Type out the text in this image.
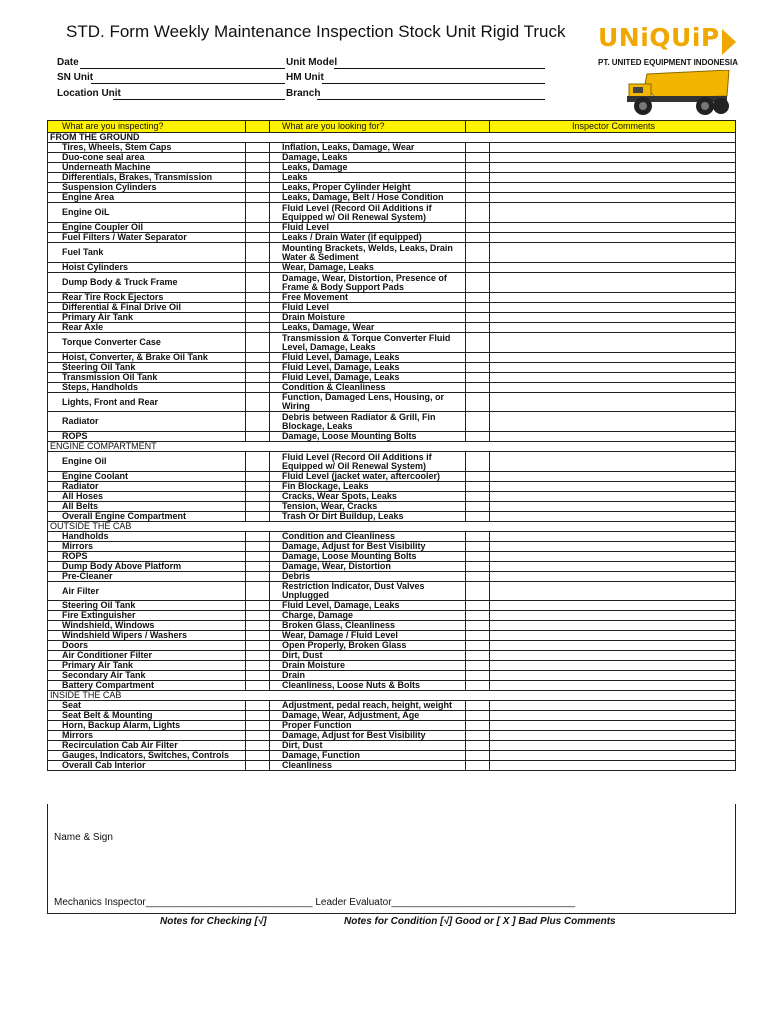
STD. Form Weekly Maintenance Inspection Stock Unit Rigid Truck UNiQUiP
PT. UNITED EQUIPMENT INDONESIA
Date
SN Unit
Location Unit
Unit Model
HM Unit
Branch
What are you inspecting?		What are you looking for?		Inspector Comments
FROM THE GROUND				
Tires, Wheels, Stem Caps		Inflation, Leaks, Damage, Wear		
Duo-cone seal area		Damage, Leaks		
Underneath Machine		Leaks, Damage		
Differentials, Brakes, Transmission		Leaks		
Suspension Cylinders		Leaks, Proper Cylinder Height		
Engine Area		Leaks, Damage, Belt / Hose Condition		
Engine OiL		Fluid Level (Record Oil Additions if Equipped w/ Oil Renewal System)		
Engine Coupler Oil		Fluid Level		
Fuel Filters / Water Separator		Leaks / Drain Water (if equipped)		
Fuel Tank		Mounting Brackets, Welds, Leaks, Drain Water & Sediment		
Hoist Cylinders		Wear, Damage, Leaks		
Dump Body & Truck Frame		Damage, Wear, Distortion, Presence of Frame & Body Support Pads		
Rear Tire Rock Ejectors		Free Movement		
Differential & Final Drive Oil		Fluid Level		
Primary Air Tank		Drain Moisture		
Rear Axle		Leaks, Damage, Wear		
Torque Converter Case		Transmission & Torque Converter Fluid Level, Damage, Leaks		
Hoist, Converter, & Brake Oil Tank		Fluid Level, Damage, Leaks		
Steering Oil Tank		Fluid Level, Damage, Leaks		
Transmission Oil Tank		Fluid Level, Damage, Leaks		
Steps, Handholds		Condition & Cleanliness		
Lights, Front and Rear		Function, Damaged Lens, Housing, or Wiring		
Radiator		Debris between Radiator & Grill, Fin Blockage, Leaks		
ROPS		Damage, Loose Mounting Bolts		
ENGINE COMPARTMENT				
Engine Oil		Fluid Level (Record Oil Additions if Equipped w/ Oil Renewal System)		
Engine Coolant		Fluid Level (jacket water, aftercooler)		
Radiator		Fin Blockage, Leaks		
All Hoses		Cracks, Wear Spots, Leaks		
All Belts		Tension, Wear, Cracks		
Overall Engine Compartment		Trash Or Dirt Buildup, Leaks		
OUTSIDE THE CAB				
Handholds		Condition and Cleanliness		
Mirrors		Damage, Adjust for Best Visibility		
ROPS		Damage, Loose Mounting Bolts		
Dump Body Above Platform		Damage, Wear, Distortion		
Pre-Cleaner		Debris		
Air Filter		Restriction Indicator, Dust Valves Unplugged		
Steering Oil Tank		Fluid Level, Damage, Leaks		
Fire Extinguisher		Charge, Damage		
Windshield, Windows		Broken Glass, Cleanliness		
Windshield Wipers / Washers		Wear, Damage / Fluid Level		
Doors		Open Properly, Broken Glass		
Air Conditioner Filter		Dirt, Dust		
Primary Air Tank		Drain Moisture		
Secondary Air Tank		Drain		
Battery Compartment		Cleanliness, Loose Nuts & Bolts		
INSIDE THE CAB				
Seat		Adjustment, pedal reach, height, weight		
Seat Belt & Mounting		Damage, Wear, Adjustment, Age		
Horn, Backup Alarm, Lights		Proper Function		
Mirrors		Damage, Adjust for Best Visibility		
Recirculation Cab Air Filter		Dirt, Dust		
Gauges, Indicators, Switches, Controls		Damage, Function		
Overall Cab Interior		Cleanliness		
Name & Sign
Mechanics Inspector______________________________ Leader Evaluator_________________________________
Notes for Checking [√]	Notes for Condition [√] Good or [ X ] Bad Plus Comments
